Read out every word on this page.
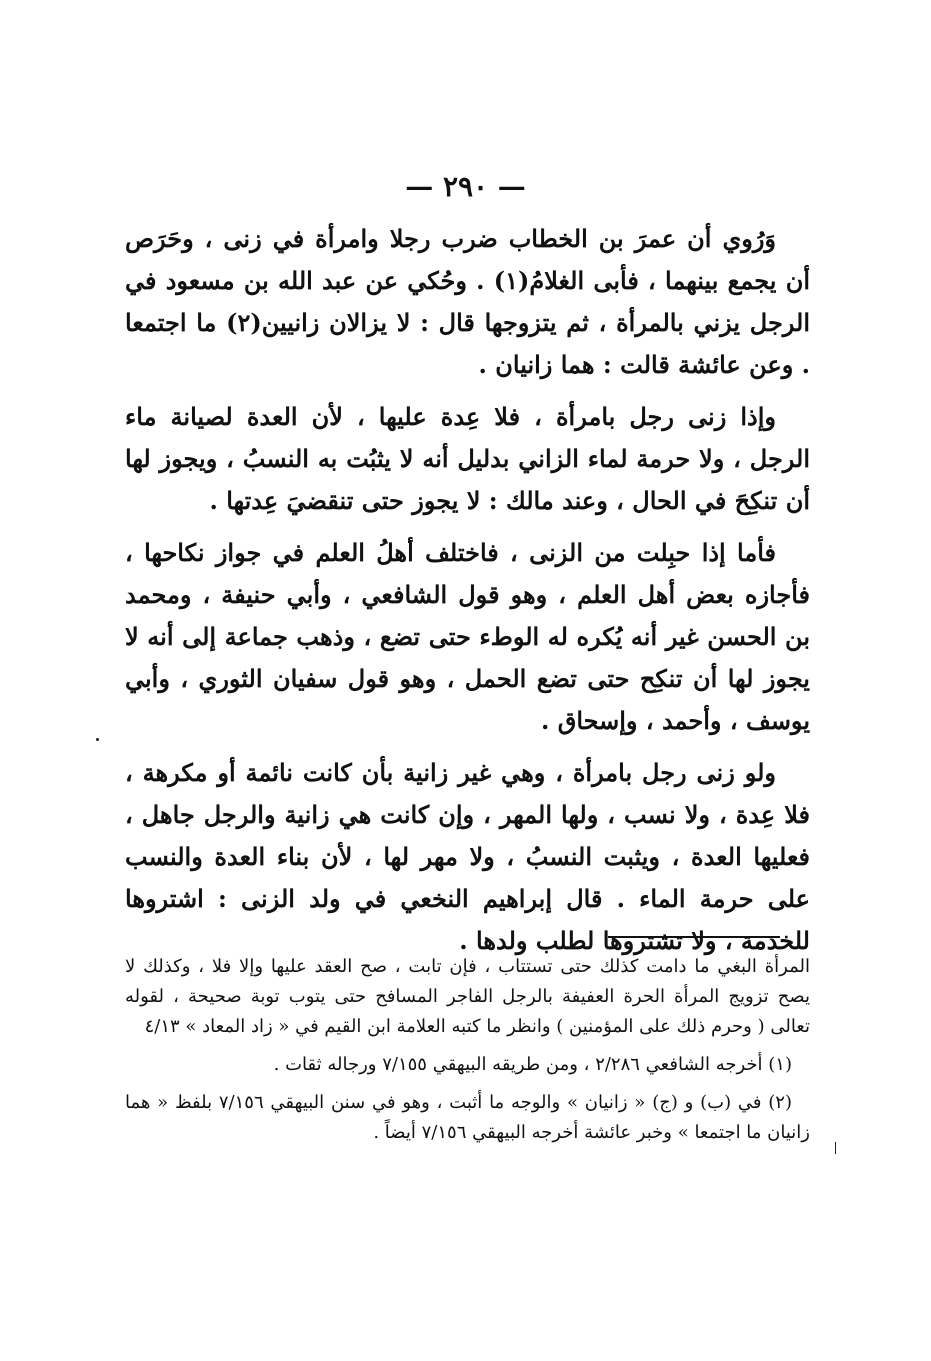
— ٢٩٠ —

وَرُوي أن عمرَ بن الخطاب ضرب رجلا وامرأة في زنى ، وحَرَص أن يجمع بينهما ، فأبى الغلامُ(١) . وحُكي عن عبد الله بن مسعود في الرجل يزني بالمرأة ، ثم يتزوجها قال : لا يزالان زانيين(٢) ما اجتمعا . وعن عائشة قالت : هما زانيان .

وإذا زنى رجل بامرأة ، فلا عِدة عليها ، لأن العدة لصيانة ماء الرجل ، ولا حرمة لماء الزاني بدليل أنه لا يثبُت به النسبُ ، ويجوز لها أن تنكِحَ في الحال ، وعند مالك : لا يجوز حتى تنقضيَ عِدتها .

فأما إذا حبِلت من الزنى ، فاختلف أهلُ العلم في جواز نكاحها ، فأجازه بعض أهل العلم ، وهو قول الشافعي ، وأبي حنيفة ، ومحمد بن الحسن غير أنه يُكره له الوطء حتى تضع ، وذهب جماعة إلى أنه لا يجوز لها أن تنكِح حتى تضع الحمل ، وهو قول سفيان الثوري ، وأبي يوسف ، وأحمد ، وإسحاق .

ولو زنى رجل بامرأة ، وهي غير زانية بأن كانت نائمة أو مكرهة ، فلا عِدة ، ولا نسب ، ولها المهر ، وإن كانت هي زانية والرجل جاهل ، فعليها العدة ، ويثبت النسبُ ، ولا مهر لها ، لأن بناء العدة والنسب على حرمة الماء . قال إبراهيم النخعي في ولد الزنى : اشتروها للخدمة ، ولا تشتروها لطلب ولدها .

المرأة البغي ما دامت كذلك حتى تستتاب ، فإن تابت ، صح العقد عليها وإلا فلا ، وكذلك لا يصح تزويج المرأة الحرة العفيفة بالرجل الفاجر المسافح حتى يتوب توبة صحيحة ، لقوله تعالى ( وحرم ذلك على المؤمنين ) وانظر ما كتبه العلامة ابن القيم في « زاد المعاد » ٤/١٣

(١) أخرجه الشافعي ٢/٢٨٦ ، ومن طريقه البيهقي ٧/١٥٥ ورجاله ثقات .

(٢) في (ب) و (ج) « زانيان » والوجه ما أثبت ، وهو في سنن البيهقي ٧/١٥٦ بلفظ « هما زانيان ما اجتمعا » وخبر عائشة أخرجه البيهقي ٧/١٥٦ أيضاً .
